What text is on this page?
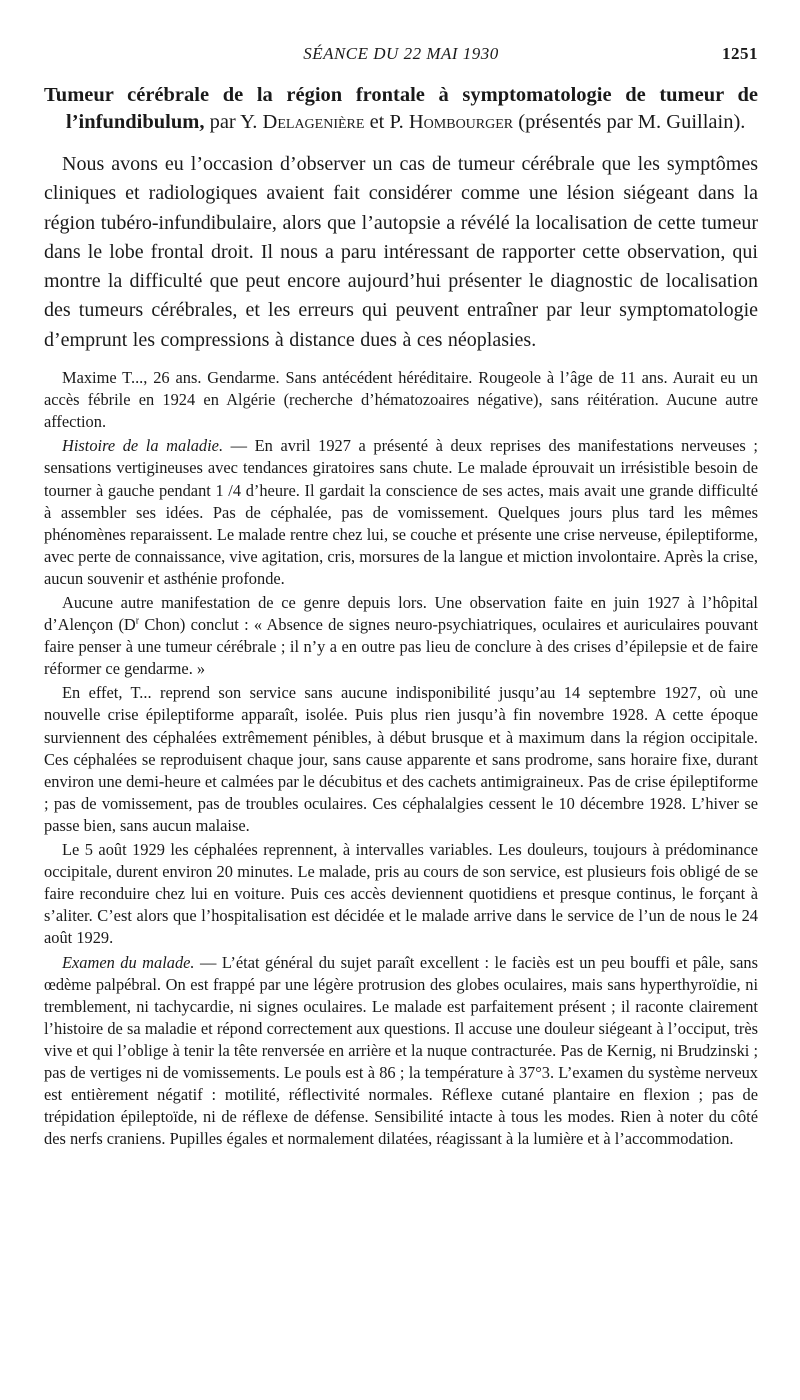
SÉANCE DU 22 MAI 1930	1251
Tumeur cérébrale de la région frontale à symptomatologie de tumeur de l’infundibulum, par Y. Delagenière et P. Hombourger (présentés par M. Guillain).
Nous avons eu l’occasion d’observer un cas de tumeur cérébrale que les symptômes cliniques et radiologiques avaient fait considérer comme une lésion siégeant dans la région tubéro-infundibulaire, alors que l’autopsie a révélé la localisation de cette tumeur dans le lobe frontal droit. Il nous a paru intéressant de rapporter cette observation, qui montre la difficulté que peut encore aujourd’hui présenter le diagnostic de localisation des tumeurs cérébrales, et les erreurs qui peuvent entraîner par leur symptomatologie d’emprunt les compressions à distance dues à ces néoplasies.

Maxime T..., 26 ans. Gendarme. Sans antécédent héréditaire. Rougeole à l’âge de 11 ans. Aurait eu un accès fébrile en 1924 en Algérie (recherche d’hématozoaires négative), sans réitération. Aucune autre affection.

Histoire de la maladie. — En avril 1927 a présenté à deux reprises des manifestations nerveuses ; sensations vertigineuses avec tendances giratoires sans chute. Le malade éprouvait un irrésistible besoin de tourner à gauche pendant 1 /4 d’heure. Il gardait la conscience de ses actes, mais avait une grande difficulté à assembler ses idées. Pas de céphalée, pas de vomissement. Quelques jours plus tard les mêmes phénomènes reparaissent. Le malade rentre chez lui, se couche et présente une crise nerveuse, épileptiforme, avec perte de connaissance, vive agitation, cris, morsures de la langue et miction involontaire. Après la crise, aucun souvenir et asthénie profonde.

Aucune autre manifestation de ce genre depuis lors. Une observation faite en juin 1927 à l’hôpital d’Alençon ($D^r$ Chon) conclut : « Absence de signes neuro-psychiatriques, oculaires et auriculaires pouvant faire penser à une tumeur cérébrale ; il n’y a en outre pas lieu de conclure à des crises d’épilepsie et de faire réformer ce gendarme. »

En effet, T... reprend son service sans aucune indisponibilité jusqu’au 14 septembre 1927, où une nouvelle crise épileptiforme apparaît, isolée. Puis plus rien jusqu’à fin novembre 1928. A cette époque surviennent des céphalées extrêmement pénibles, à début brusque et à maximum dans la région occipitale. Ces céphalées se reproduisent chaque jour, sans cause apparente et sans prodrome, sans horaire fixe, durant environ une demi-heure et calmées par le décubitus et des cachets antimigraineux. Pas de crise épileptiforme ; pas de vomissement, pas de troubles oculaires. Ces céphalalgies cessent le 10 décembre 1928. L’hiver se passe bien, sans aucun malaise.

Le 5 août 1929 les céphalées reprennent, à intervalles variables. Les douleurs, toujours à prédominance occipitale, durent environ 20 minutes. Le malade, pris au cours de son service, est plusieurs fois obligé de se faire reconduire chez lui en voiture. Puis ces accès deviennent quotidiens et presque continus, le forçant à s’aliter. C’est alors que l’hospitalisation est décidée et le malade arrive dans le service de l’un de nous le 24 août 1929.

Examen du malade. — L’état général du sujet paraît excellent : le faciès est un peu bouffi et pâle, sans œdème palpébral. On est frappé par une légère protrusion des globes oculaires, mais sans hyperthyroïdie, ni tremblement, ni tachycardie, ni signes oculaires. Le malade est parfaitement présent ; il raconte clairement l’histoire de sa maladie et répond correctement aux questions. Il accuse une douleur siégeant à l’occiput, très vive et qui l’oblige à tenir la tête renversée en arrière et la nuque contracturée. Pas de Kernig, ni Brudzinski ; pas de vertiges ni de vomissements. Le pouls est à 86 ; la température à 37°3. L’examen du système nerveux est entièrement négatif : motilité, réflectivité normales. Réflexe cutané plantaire en flexion ; pas de trépidation épileptoïde, ni de réflexe de défense. Sensibilité intacte à tous les modes. Rien à noter du côté des nerfs craniens. Pupilles égales et normalement dilatées, réagissant à la lumière et à l’accommodation.
